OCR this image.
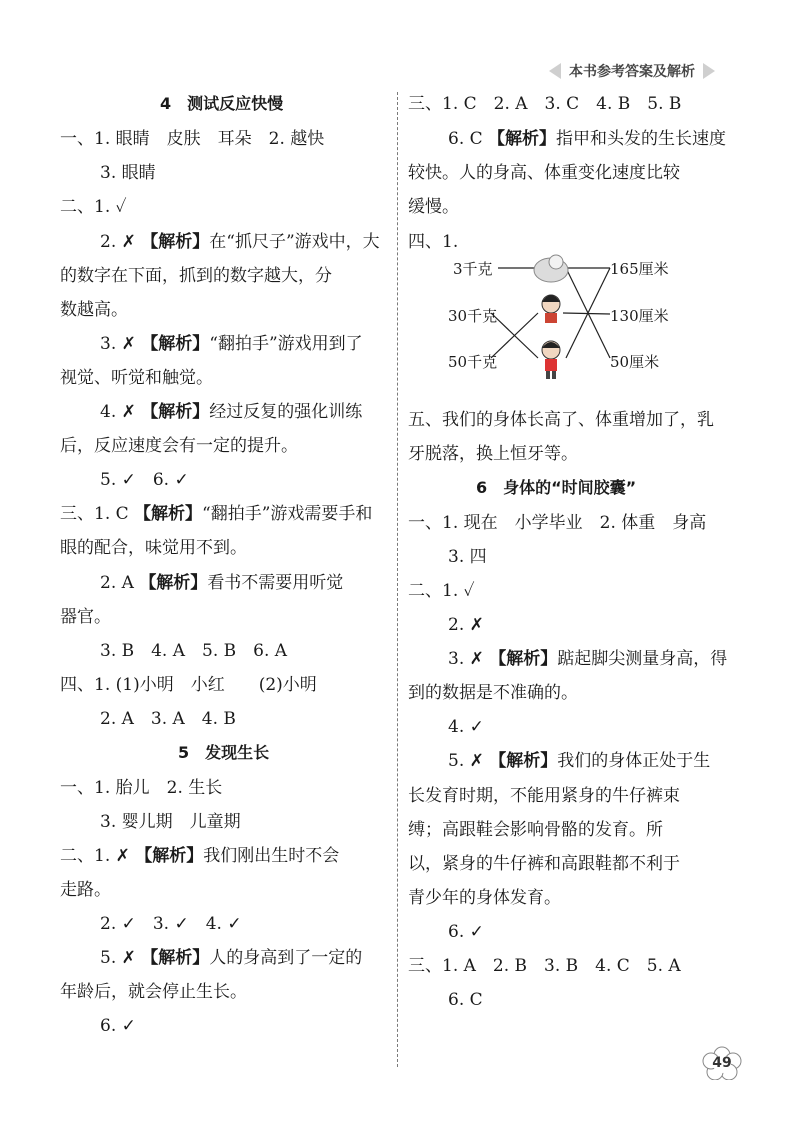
本书参考答案及解析
4　测试反应快慢
一、1. 眼睛　皮肤　耳朵　2. 越快
3. 眼睛
二、1. ✓
2. ✗ 【解析】在“抓尺子”游戏中，大
的数字在下面，抓到的数字越大，分
数越高。
3. ✗ 【解析】“翻拍手”游戏用到了
视觉、听觉和触觉。
4. ✗ 【解析】经过反复的强化训练
后，反应速度会有一定的提升。
5. ✓　6. ✓
三、1. C 【解析】“翻拍手”游戏需要手和
眼的配合，味觉用不到。
2. A 【解析】看书不需要用听觉
器官。
3. B　4. A　5. B　6. A
四、1. (1)小明　小红　　(2)小明
2. A　3. A　4. B
5　发现生长
一、1. 胎儿　2. 生长
3. 婴儿期　儿童期
二、1. ✗ 【解析】我们刚出生时不会
走路。
2. ✓　3. ✓　4. ✓
5. ✗ 【解析】人的身高到了一定的
年龄后，就会停止生长。
6. ✓
三、1. C　2. A　3. C　4. B　5. B
6. C 【解析】指甲和头发的生长速度
较快。人的身高、体重变化速度比较
缓慢。
四、1.
五、我们的身体长高了、体重增加了，乳
牙脱落，换上恒牙等。
6　身体的“时间胶囊”
一、1. 现在　小学毕业　2. 体重　身高
3. 四
二、1. ✓
2. ✗
3. ✗ 【解析】踮起脚尖测量身高，得
到的数据是不准确的。
4. ✓
5. ✗ 【解析】我们的身体正处于生
长发育时期，不能用紧身的牛仔裤束
缚；高跟鞋会影响骨骼的发育。所
以，紧身的牛仔裤和高跟鞋都不利于
青少年的身体发育。
6. ✓
三、1. A　2. B　3. B　4. C　5. A
6. C
3千克
30千克
50千克
165厘米
130厘米
50厘米
49
